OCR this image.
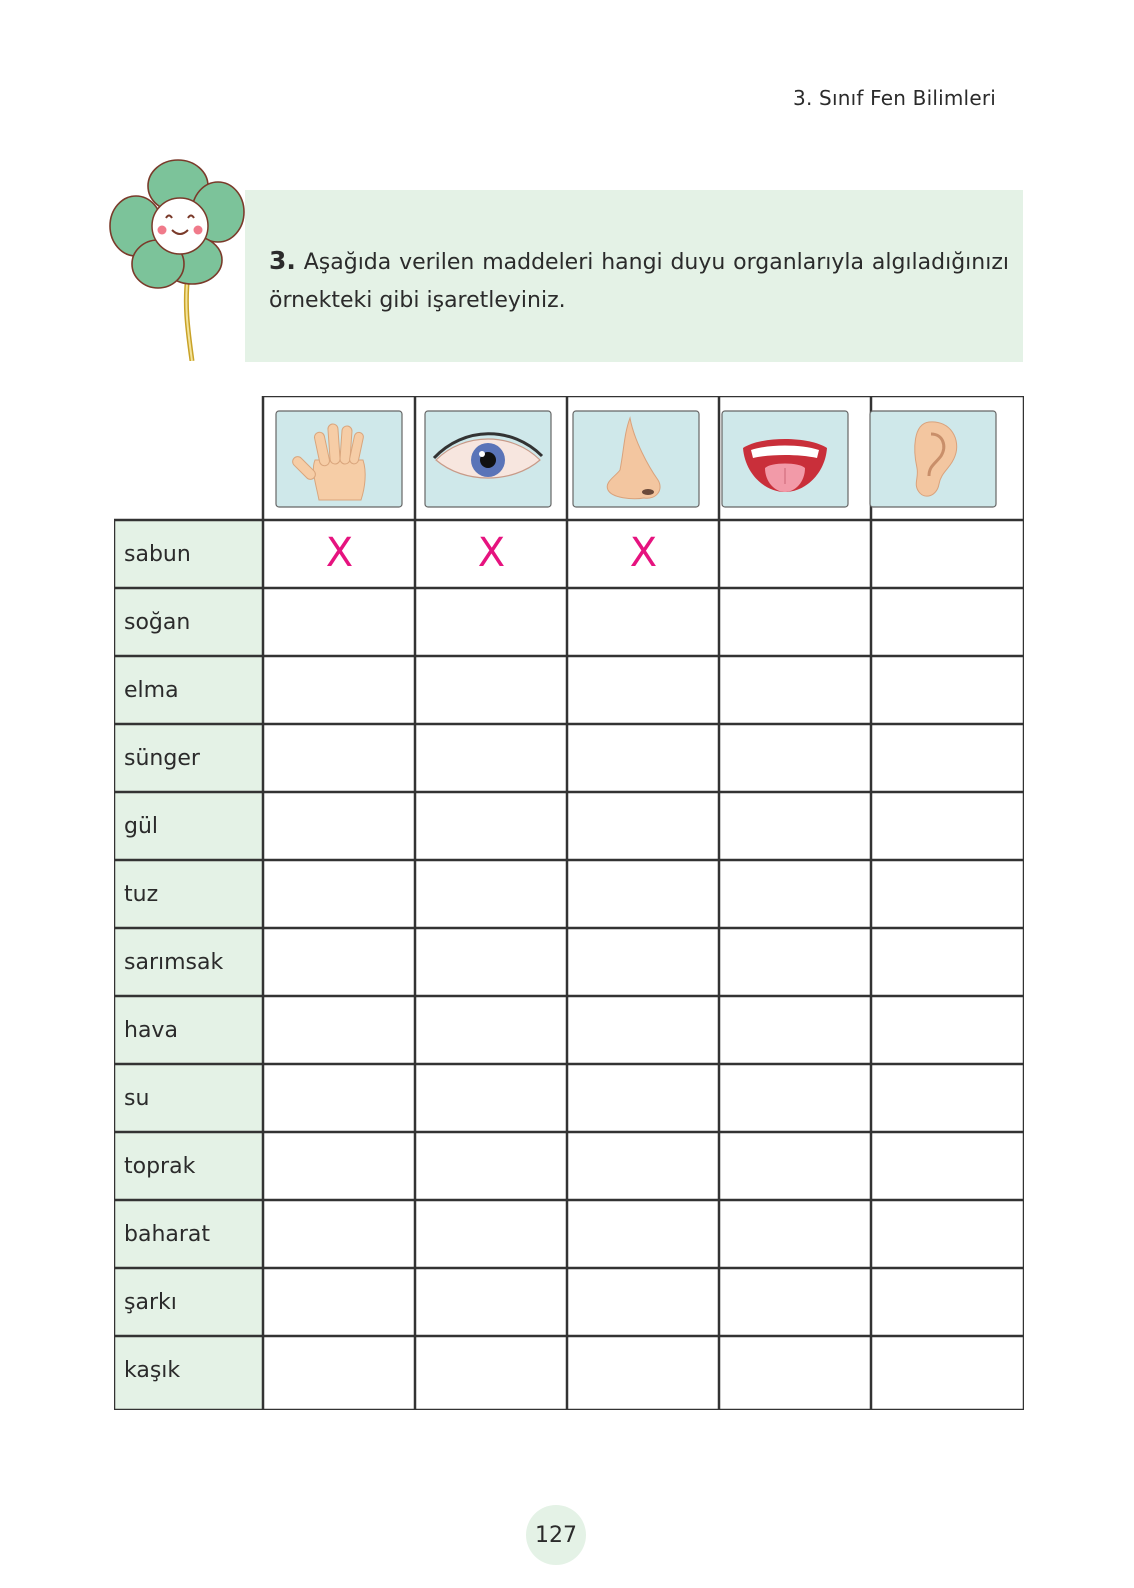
3. Sınıf Fen Bilimleri
3. Aşağıda verilen maddeleri hangi duyu organlarıyla algıladığınızı örnekteki gibi işaretleyiniz.
sabun
soğan
elma
sünger
gül
tuz
sarımsak
hava
su
toprak
baharat
şarkı
kaşık
X	X	X
127
